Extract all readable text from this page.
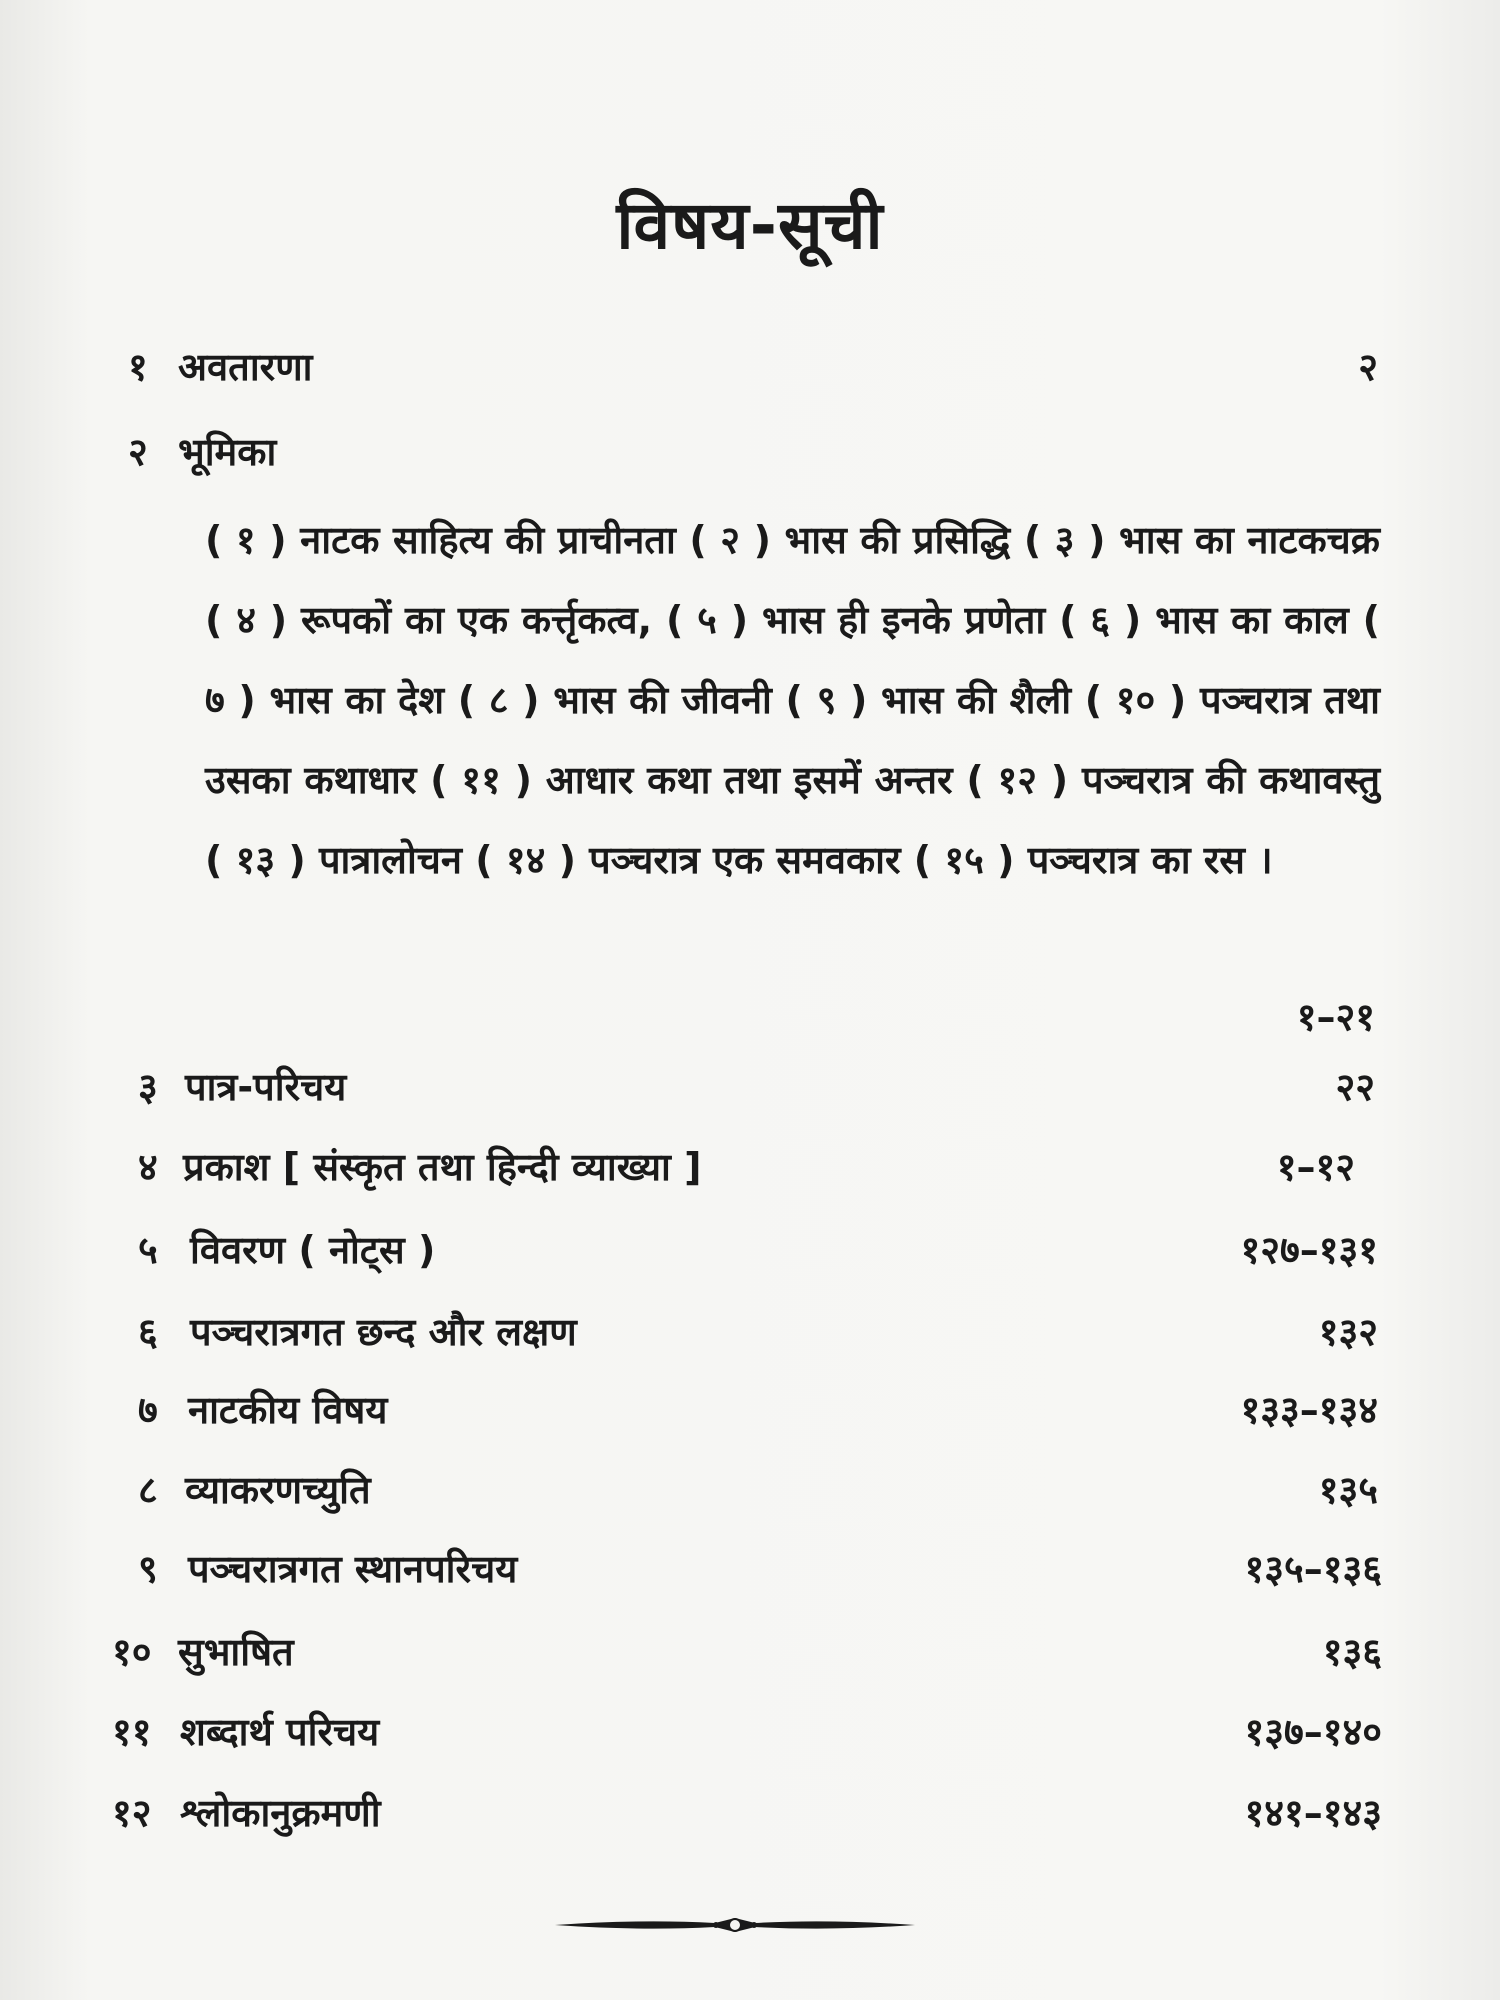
विषय-सूची
१ अवतारणा	२
२ भूमिका
( १ ) नाटक साहित्य की प्राचीनता ( २ ) भास की प्रसिद्धि ( ३ ) भास का नाटकचक्र ( ४ ) रूपकों का एक कर्त्तृकत्व, ( ५ ) भास ही इनके प्रणेता ( ६ ) भास का काल ( ७ ) भास का देश ( ८ ) भास की जीवनी ( ९ ) भास की शैली ( १० ) पञ्चरात्र तथा उसका कथाधार ( ११ ) आधार कथा तथा इसमें अन्तर ( १२ ) पञ्चरात्र की कथावस्तु ( १३ ) पात्रालोचन ( १४ ) पञ्चरात्र एक समवकार ( १५ ) पञ्चरात्र का रस ।
१–२१
३ पात्र-परिचय	२२
४ प्रकाश [ संस्कृत तथा हिन्दी व्याख्या ]	१–१२
५ विवरण ( नोट्स )	१२७–१३१
६ पञ्चरात्रगत छन्द और लक्षण	१३२
७ नाटकीय विषय	१३३–१३४
८ व्याकरणच्युति	१३५
९ पञ्चरात्रगत स्थानपरिचय	१३५–१३६
१० सुभाषित	१३६
११ शब्दार्थ परिचय	१३७–१४०
१२ श्लोकानुक्रमणी	१४१–१४३
